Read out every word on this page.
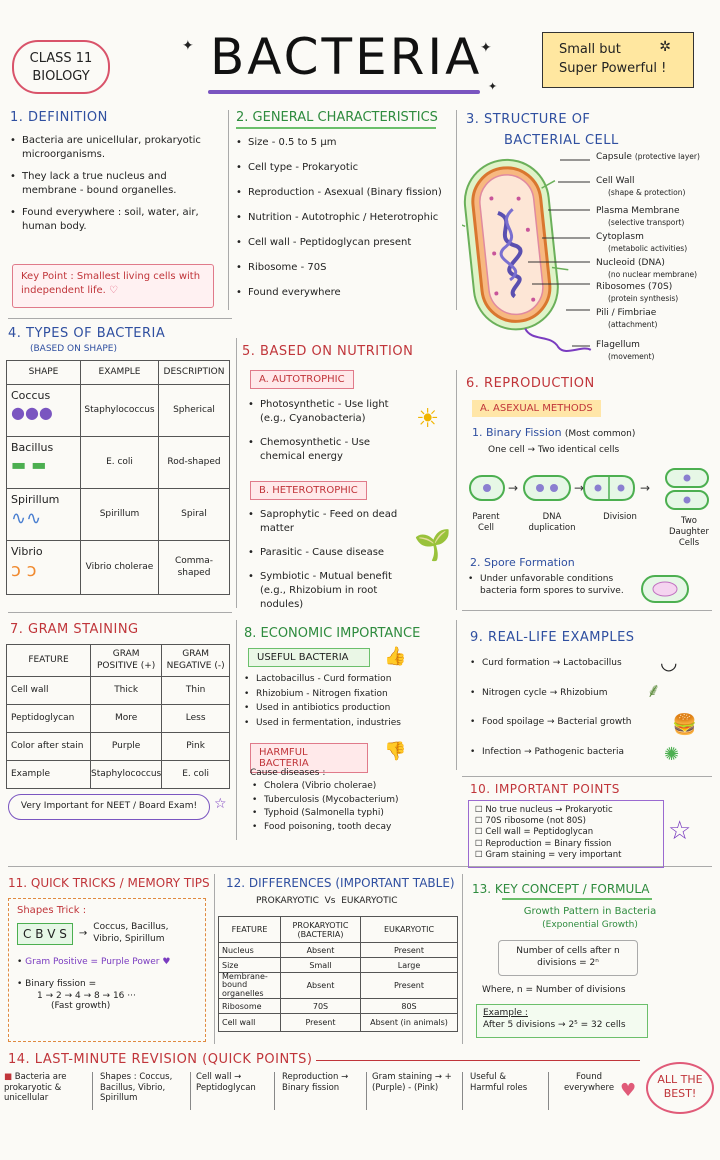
CLASS 11
BIOLOGY
✦ BACTERIA
✦
✦
Small but
Super Powerful !
✲
1. DEFINITION
• Bacteria are unicellular, prokaryotic microorganisms.
• They lack a true nucleus and membrane - bound organelles.
• Found everywhere : soil, water, air, human body.
Key Point : Smallest living cells with independent life. ♡
2. GENERAL CHARACTERISTICS
• Size - 0.5 to 5 µm
• Cell type - Prokaryotic
• Reproduction - Asexual (Binary fission)
• Nutrition - Autotrophic / Heterotrophic
• Cell wall - Peptidoglycan present
• Ribosome - 70S
• Found everywhere
3. STRUCTURE OF
BACTERIAL CELL
Capsule (protective layer)
Cell Wall
(shape & protection)
Plasma Membrane
(selective transport)
Cytoplasm
(metabolic activities)
Nucleoid (DNA)
(no nuclear membrane)
Ribosomes (70S)
(protein synthesis)
Pili / Fimbriae
(attachment)
Flagellum
(movement)
4. TYPES OF BACTERIA
(BASED ON SHAPE)
SHAPE	EXAMPLE	DESCRIPTION

Coccus
●●●	Staphylococcus	Spherical

Bacillus
▬ ▬	E. coli	Rod-shaped

Spirillum
∿∿	Spirillum	Spiral

Vibrio
ɔ ɔ	Vibrio cholerae	Comma-shaped
5. BASED ON NUTRITION
A. AUTOTROPHIC
• Photosynthetic - Use light (e.g., Cyanobacteria)
• Chemosynthetic - Use chemical energy
☀
B. HETEROTROPHIC
• Saprophytic - Feed on dead matter
• Parasitic - Cause disease
• Symbiotic - Mutual benefit (e.g., Rhizobium in root nodules)
🌱
6. REPRODUCTION
A. ASEXUAL METHODS
1. Binary Fission (Most common)
One cell → Two identical cells
→	→	→
Parent Cell
DNA duplication
Division	Two Daughter Cells
2. Spore Formation
• Under unfavorable conditions bacteria form spores to survive.
7. GRAM STAINING
FEATURE	GRAM POSITIVE (+)	GRAM NEGATIVE (-)
Cell wall	Thick	Thin
Peptidoglycan	More	Less
Color after stain	Purple	Pink
Example	Staphylococcus	E. coli
Very Important for NEET / Board Exam!	☆
8. ECONOMIC IMPORTANCE
USEFUL BACTERIA	👍
• Lactobacillus - Curd formation
• Rhizobium - Nitrogen fixation
• Used in antibiotics production
• Used in fermentation, industries
HARMFUL BACTERIA
👎
Cause diseases :
• Cholera (Vibrio cholerae)
• Tuberculosis (Mycobacterium)
• Typhoid (Salmonella typhi)
• Food poisoning, tooth decay
9. REAL-LIFE EXAMPLES
• Curd formation → Lactobacillus
• Nitrogen cycle → Rhizobium
• Food spoilage → Bacterial growth
• Infection → Pathogenic bacteria
◡
⸙
🍔
✺
10. IMPORTANT POINTS
☐ No true nucleus → Prokaryotic
☐ 70S ribosome (not 80S)
☐ Cell wall = Peptidoglycan
☐ Reproduction = Binary fission
☐ Gram staining = very important
☆
11. QUICK TRICKS / MEMORY TIPS
Shapes Trick :
C B V S	→
Coccus, Bacillus, Vibrio, Spirillum
• Gram Positive = Purple Power ♥
• Binary fission =
1 → 2 → 4 → 8 → 16 ···
(Fast growth)
12. DIFFERENCES (IMPORTANT TABLE)
PROKARYOTIC Vs EUKARYOTIC
FEATURE	PROKARYOTIC (BACTERIA)	EUKARYOTIC
Nucleus	Absent	Present
Size	Small	Large
Membrane-bound organelles	Absent	Present
Ribosome	70S	80S
Cell wall	Present	Absent (in animals)
13. KEY CONCEPT / FORMULA
Growth Pattern in Bacteria
(Exponential Growth)
Number of cells after n divisions = 2ⁿ
Where, n = Number of divisions
Example :
After 5 divisions → 2⁵ = 32 cells
14. LAST-MINUTE REVISION (QUICK POINTS)
■ Bacteria are prokaryotic & unicellular
Shapes : Coccus, Bacillus, Vibrio, Spirillum
Cell wall → Peptidoglycan
Reproduction → Binary fission
Gram staining → + (Purple) - (Pink)
Useful & Harmful roles
Found everywhere ♥
ALL THE BEST!
